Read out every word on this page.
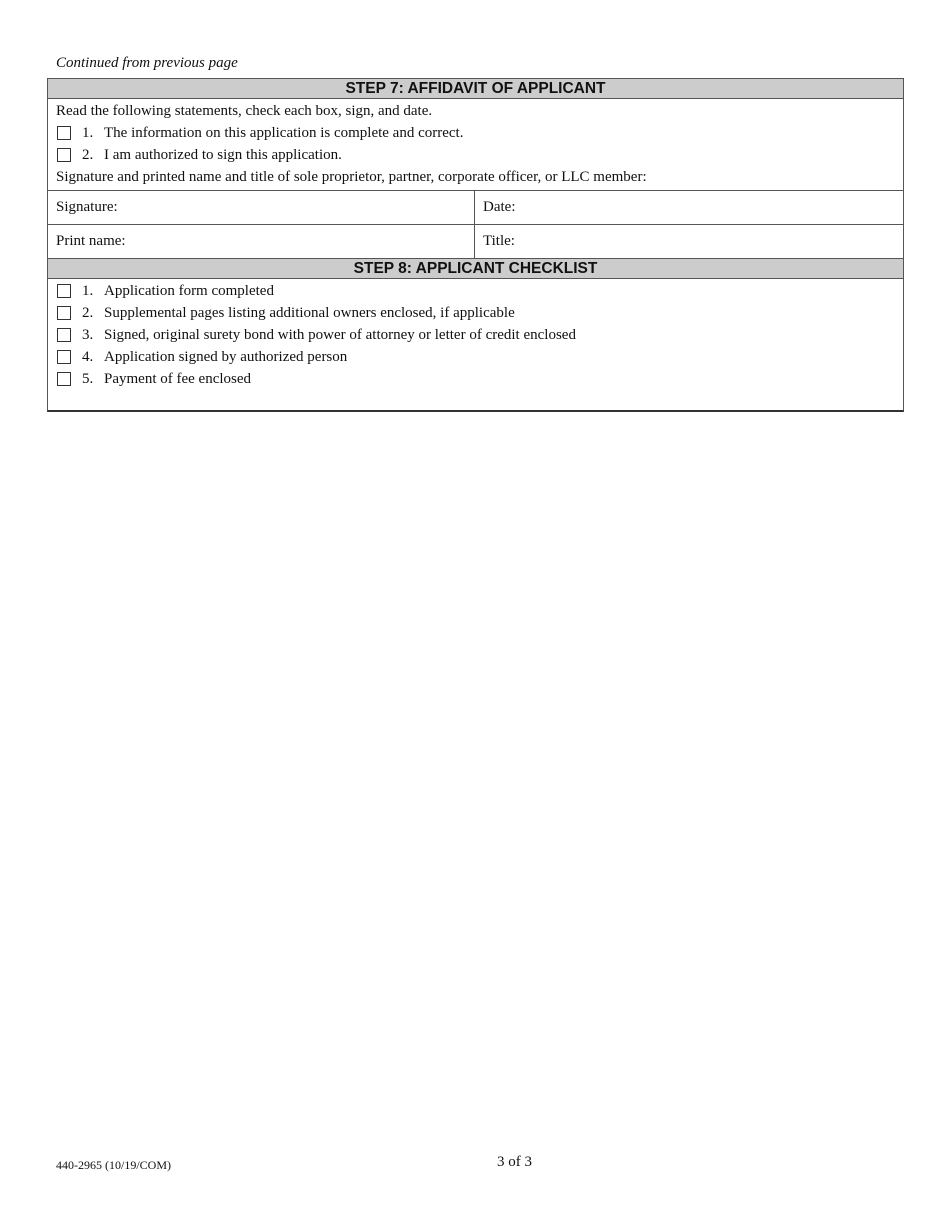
Continued from previous page
STEP 7: AFFIDAVIT OF APPLICANT
Read the following statements, check each box, sign, and date.
1. The information on this application is complete and correct.
2. I am authorized to sign this application.
Signature and printed name and title of sole proprietor, partner, corporate officer, or LLC member:
Signature:	Date:
Print name:	Title:
STEP 8: APPLICANT CHECKLIST
1. Application form completed
2. Supplemental pages listing additional owners enclosed, if applicable
3. Signed, original surety bond with power of attorney or letter of credit enclosed
4. Application signed by authorized person
5. Payment of fee enclosed
440-2965 (10/19/COM)	3 of 3
